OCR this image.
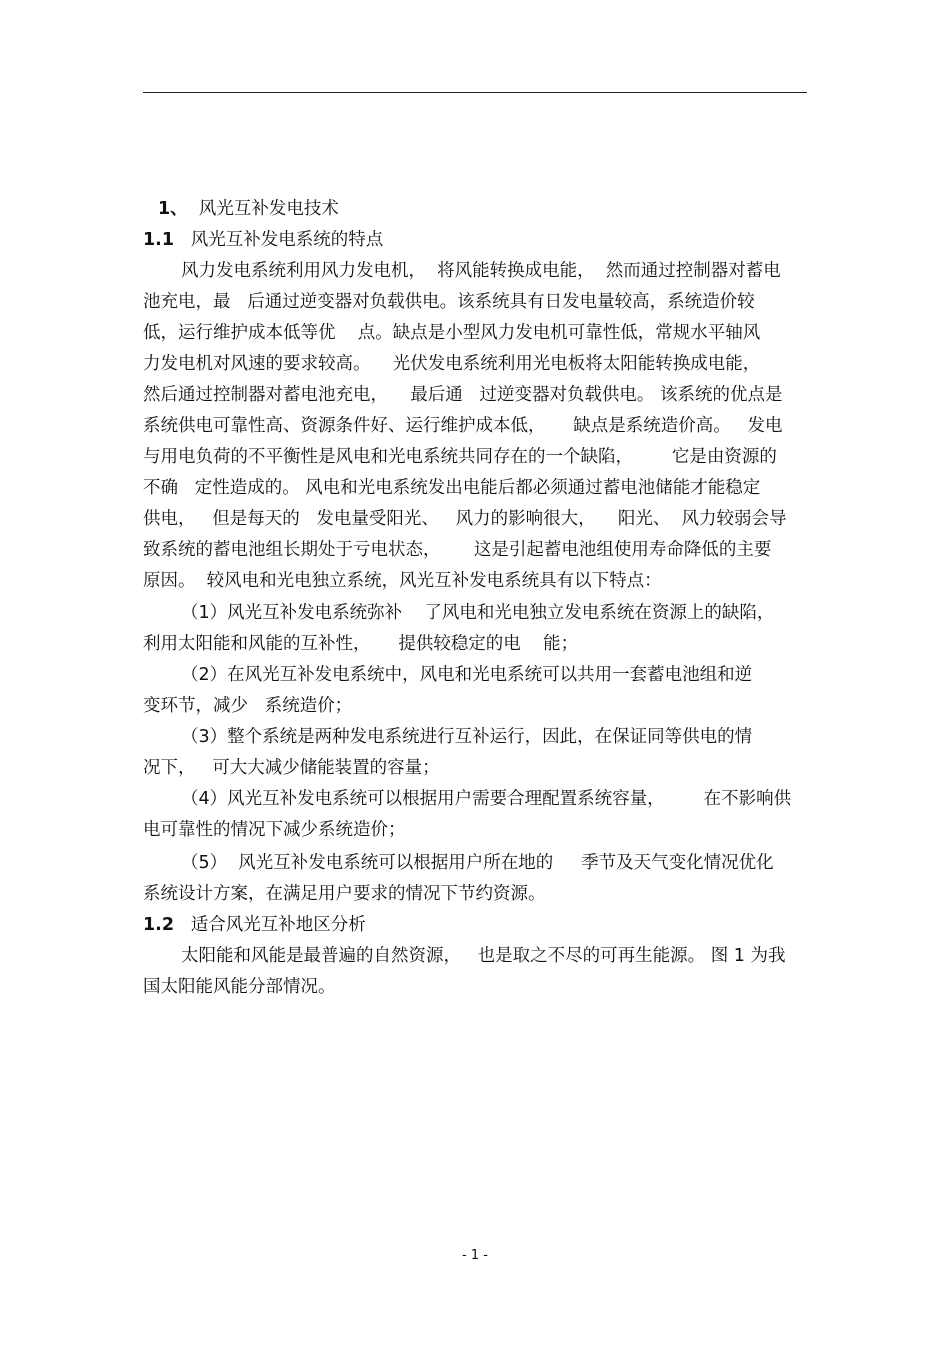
1、 风光互补发电技术
1.1 风光互补发电系统的特点
风力发电系统利用风力发电机，  将风能转换成电能，  然而通过控制器对蓄电
池充电，最   后通过逆变器对负载供电。该系统具有日发电量较高，系统造价较
低，运行维护成本低等优    点。缺点是小型风力发电机可靠性低，常规水平轴风
力发电机对风速的要求较高。    光伏发电系统利用光电板将太阳能转换成电能，
然后通过控制器对蓄电池充电，    最后通   过逆变器对负载供电。 该系统的优点是
系统供电可靠性高、资源条件好、运行维护成本低，     缺点是系统造价高。   发电
与用电负荷的不平衡性是风电和光电系统共同存在的一个缺陷，       它是由资源的
不确   定性造成的。 风电和光电系统发出电能后都必须通过蓄电池储能才能稳定
供电，   但是每天的   发电量受阳光、   风力的影响很大，    阳光、  风力较弱会导
致系统的蓄电池组长期处于亏电状态，      这是引起蓄电池组使用寿命降低的主要
原因。  较风电和光电独立系统，风光互补发电系统具有以下特点：
（1）风光互补发电系统弥补    了风电和光电独立发电系统在资源上的缺陷，
利用太阳能和风能的互补性，     提供较稳定的电    能；
（2）在风光互补发电系统中，风电和光电系统可以共用一套蓄电池组和逆
变环节，减少   系统造价；
（3）整个系统是两种发电系统进行互补运行，因此，在保证同等供电的情
况下，   可大大减少储能装置的容量；
（4）风光互补发电系统可以根据用户需要合理配置系统容量，       在不影响供
电可靠性的情况下减少系统造价；
（5）  风光互补发电系统可以根据用户所在地的     季节及天气变化情况优化
系统设计方案，在满足用户要求的情况下节约资源。
1.2 适合风光互补地区分析
太阳能和风能是最普遍的自然资源，   也是取之不尽的可再生能源。 图 1 为我
国太阳能风能分部情况。
- 1 -
